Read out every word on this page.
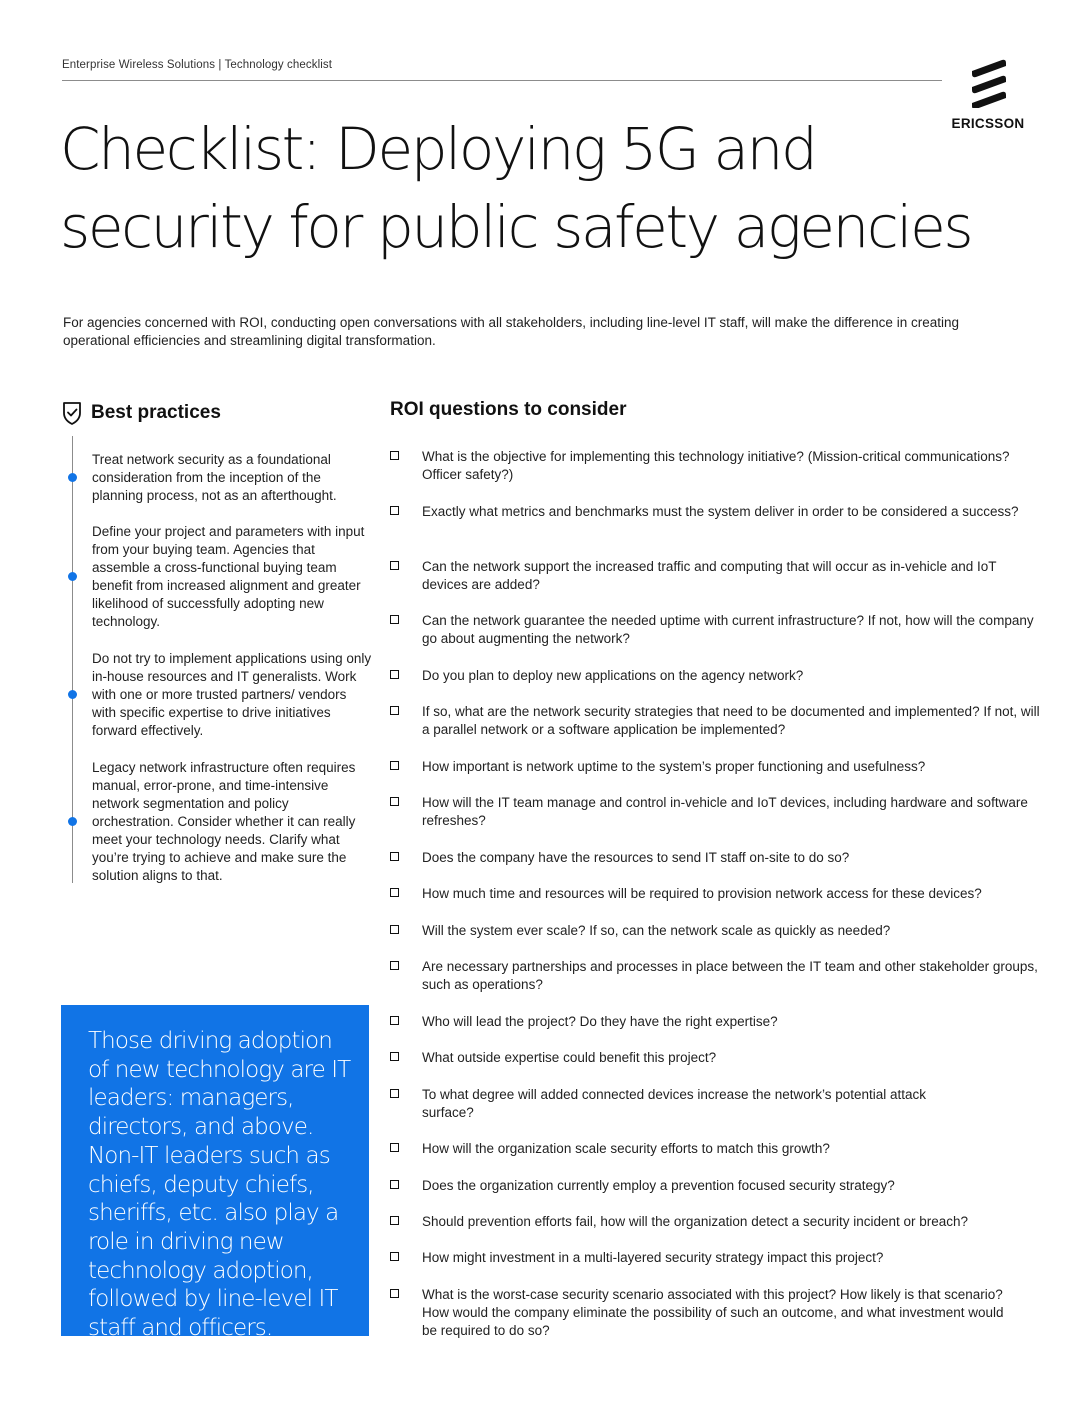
Enterprise Wireless Solutions | Technology checklist
ERICSSON
Checklist: Deploying 5G and
security for public safety agencies
For agencies concerned with ROI, conducting open conversations with all stakeholders, including line-level IT staff, will make the difference in creating operational efficiencies and streamlining digital transformation.
Best practices
Treat network security as a foundational consideration from the inception of the planning process, not as an afterthought.
Define your project and parameters with input from your buying team. Agencies that assemble a cross-functional buying team benefit from increased alignment and greater likelihood of successfully adopting new technology.
Do not try to implement applications using only in-house resources and IT generalists. Work with one or more trusted partners/ vendors with specific expertise to drive initiatives forward effectively.
Legacy network infrastructure often requires manual, error-prone, and time-intensive network segmentation and policy orchestration. Consider whether it can really meet your technology needs. Clarify what you’re trying to achieve and make sure the solution aligns to that.
Those driving adoption of new technology are IT leaders: managers, directors, and above. Non-IT leaders such as chiefs, deputy chiefs, sheriffs, etc. also play a role in driving new technology adoption, followed by line-level IT staff and officers.
ROI questions to consider
What is the objective for implementing this technology initiative? (Mission-critical communications? Officer safety?)
Exactly what metrics and benchmarks must the system deliver in order to be considered a success?
Can the network support the increased traffic and computing that will occur as in-vehicle and IoT devices are added?
Can the network guarantee the needed uptime with current infrastructure? If not, how will the company go about augmenting the network?
Do you plan to deploy new applications on the agency network?
If so, what are the network security strategies that need to be documented and implemented? If not, will a parallel network or a software application be implemented?
How important is network uptime to the system’s proper functioning and usefulness?
How will the IT team manage and control in-vehicle and IoT devices, including hardware and software refreshes?
Does the company have the resources to send IT staff on-site to do so?
How much time and resources will be required to provision network access for these devices?
Will the system ever scale? If so, can the network scale as quickly as needed?
Are necessary partnerships and processes in place between the IT team and other stakeholder groups, such as operations?
Who will lead the project? Do they have the right expertise?
What outside expertise could benefit this project?
To what degree will added connected devices increase the network’s potential attack surface?
How will the organization scale security efforts to match this growth?
Does the organization currently employ a prevention focused security strategy?
Should prevention efforts fail, how will the organization detect a security incident or breach?
How might investment in a multi-layered security strategy impact this project?
What is the worst-case security scenario associated with this project? How likely is that scenario? How would the company eliminate the possibility of such an outcome, and what investment would be required to do so?
